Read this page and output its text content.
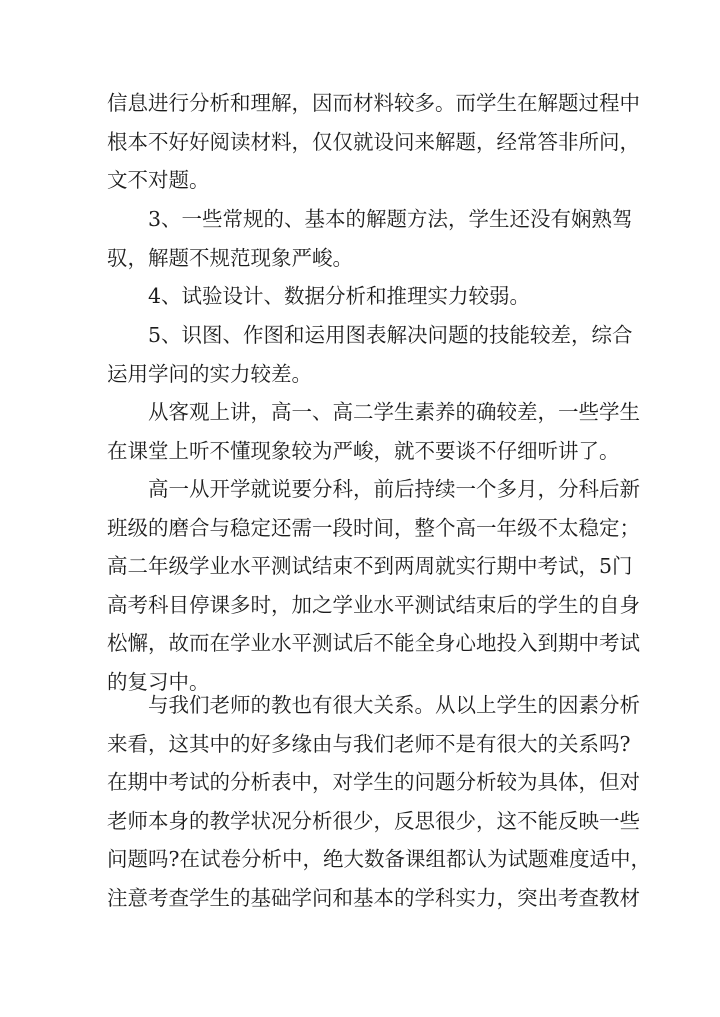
信息进行分析和理解，因而材料较多。而学生在解题过程中
根本不好好阅读材料，仅仅就设问来解题，经常答非所问，
文不对题。
3、一些常规的、基本的解题方法，学生还没有娴熟驾
驭，解题不规范现象严峻。
4、试验设计、数据分析和推理实力较弱。
5、识图、作图和运用图表解决问题的技能较差，综合
运用学问的实力较差。
从客观上讲，高一、高二学生素养的确较差，一些学生
在课堂上听不懂现象较为严峻，就不要谈不仔细听讲了。
高一从开学就说要分科，前后持续一个多月，分科后新
班级的磨合与稳定还需一段时间，整个高一年级不太稳定；
高二年级学业水平测试结束不到两周就实行期中考试，5门
高考科目停课多时，加之学业水平测试结束后的学生的自身
松懈，故而在学业水平测试后不能全身心地投入到期中考试
的复习中。
与我们老师的教也有很大关系。从以上学生的因素分析
来看，这其中的好多缘由与我们老师不是有很大的关系吗?
在期中考试的分析表中，对学生的问题分析较为具体，但对
老师本身的教学状况分析很少，反思很少，这不能反映一些
问题吗?在试卷分析中，绝大数备课组都认为试题难度适中，
注意考查学生的基础学问和基本的学科实力，突出考查教材
